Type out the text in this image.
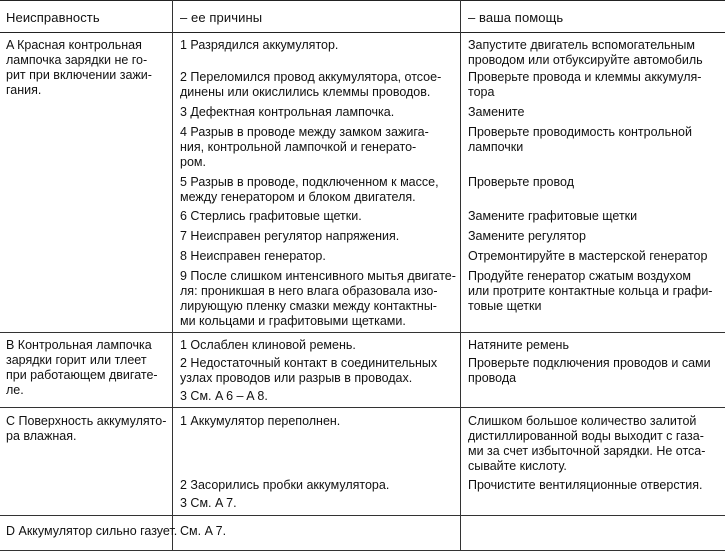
Неисправность	– ее причины	– ваша помощь
A Красная контрольная
лампочка зарядки не го-
рит при включении зажи-
гания.
1 Разрядился аккумулятор.
2 Переломился провод аккумулятора, отсое-
динены или окислились клеммы проводов.
3 Дефектная контрольная лампочка.
4 Разрыв в проводе между замком зажига-
ния, контрольной лампочкой и генерато-
ром.
5 Разрыв в проводе, подключенном к массе,
между генератором и блоком двигателя.
6 Стерлись графитовые щетки.
7 Неисправен регулятор напряжения.
8 Неисправен генератор.
9 После слишком интенсивного мытья двигате-
ля: проникшая в него влага образовала изо-
лирующую пленку смазки между контактны-
ми кольцами и графитовыми щетками.
Запустите двигатель вспомогательным
проводом или отбуксируйте автомобиль
Проверьте провода и клеммы аккумуля-
тора
Замените
Проверьте проводимость контрольной
лампочки
Проверьте провод
Замените графитовые щетки
Замените регулятор
Отремонтируйте в мастерской генератор
Продуйте генератор сжатым воздухом
или протрите контактные кольца и графи-
товые щетки
B Контрольная лампочка
зарядки горит или тлеет
при работающем двигате-
ле.
1 Ослаблен клиновой ремень.
2 Недостаточный контакт в соединительных
узлах проводов или разрыв в проводах.
3 См. A 6 – A 8.
Натяните ремень
Проверьте подключения проводов и сами
провода
C Поверхность аккумулято-
ра влажная.
1 Аккумулятор переполнен.
2 Засорились пробки аккумулятора.
3 См. A 7.
Слишком большое количество залитой
дистиллированной воды выходит с газа-
ми за счет избыточной зарядки. Не отса-
сывайте кислоту.
Прочистите вентиляционные отверстия.
D Аккумулятор сильно газует. См. A 7.
